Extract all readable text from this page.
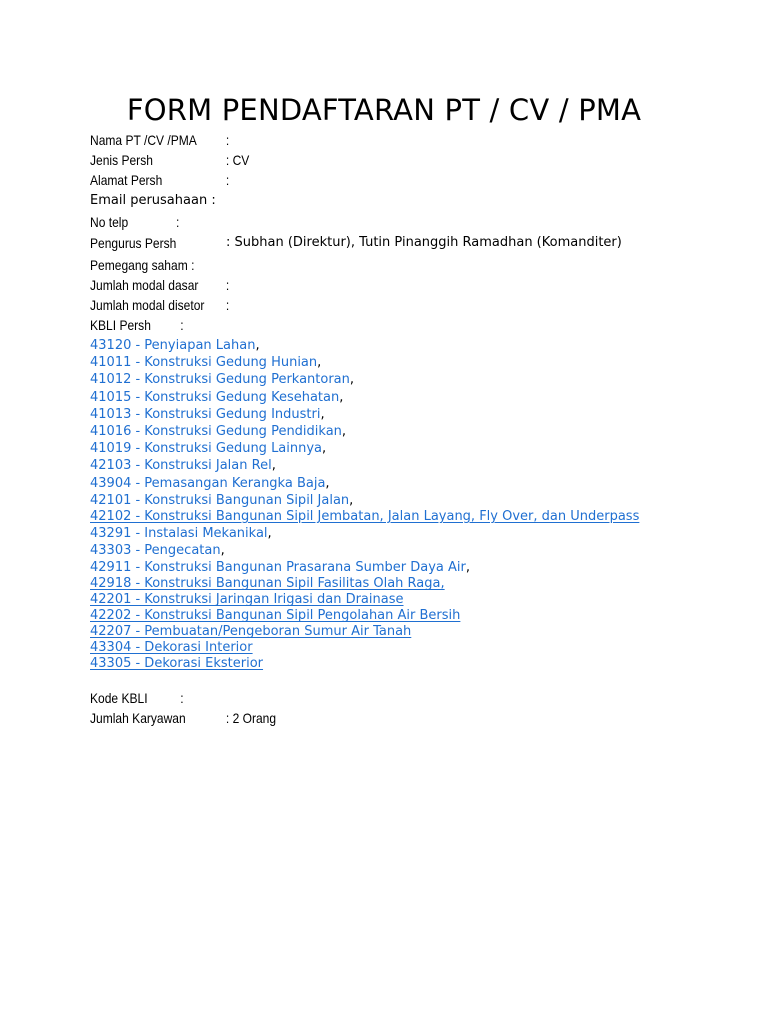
FORM PENDAFTARAN PT / CV / PMA
Nama PT /CV /PMA :
Jenis Persh	: CV
Alamat Persh	:
Email perusahaan :
No telp	:
Pengurus Persh	: Subhan (Direktur), Tutin Pinanggih Ramadhan (Komanditer)
Pemegang saham :
Jumlah modal dasar :
Jumlah modal disetor :
KBLI Persh :
43120 - Penyiapan Lahan,
41011 - Konstruksi Gedung Hunian,
41012 - Konstruksi Gedung Perkantoran,
41015 - Konstruksi Gedung Kesehatan,
41013 - Konstruksi Gedung Industri,
41016 - Konstruksi Gedung Pendidikan,
41019 - Konstruksi Gedung Lainnya,
42103 - Konstruksi Jalan Rel,
43904 - Pemasangan Kerangka Baja,
42101 - Konstruksi Bangunan Sipil Jalan,
42102 - Konstruksi Bangunan Sipil Jembatan, Jalan Layang, Fly Over, dan Underpass
43291 - Instalasi Mekanikal,
43303 - Pengecatan,
42911 - Konstruksi Bangunan Prasarana Sumber Daya Air,
42918 - Konstruksi Bangunan Sipil Fasilitas Olah Raga,
42201 - Konstruksi Jaringan Irigasi dan Drainase
42202 - Konstruksi Bangunan Sipil Pengolahan Air Bersih
42207 - Pembuatan/Pengeboran Sumur Air Tanah
43304 - Dekorasi Interior
43305 - Dekorasi Eksterior
Kode KBLI :
Jumlah Karyawan	: 2 Orang
